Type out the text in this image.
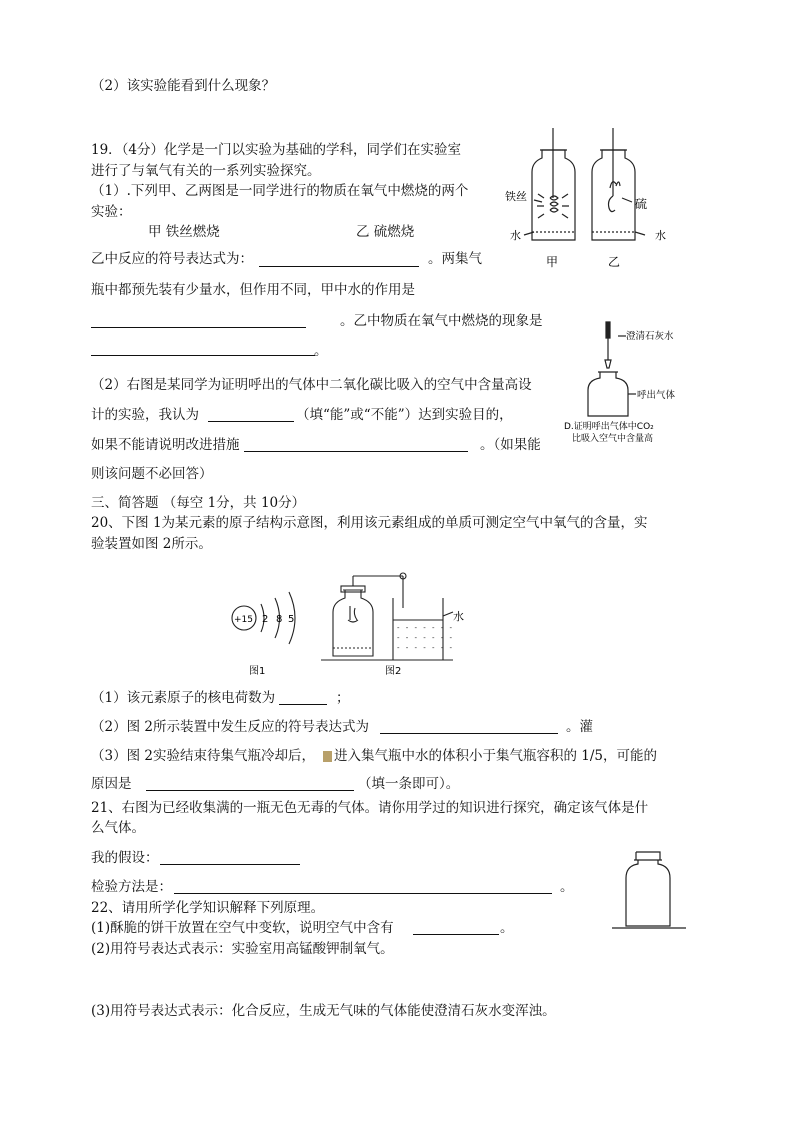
（2）该实验能看到什么现象？
19．（4分）化学是一门以实验为基础的学科，同学们在实验室
进行了与氧气有关的一系列实验探究。
（1）.下列甲、乙两图是一同学进行的物质在氧气中燃烧的两个
实验：
甲 铁丝燃烧	乙 硫燃烧
乙中反应的符号表达式为：	。两集气
瓶中都预先装有少量水，但作用不同，甲中水的作用是
。乙中物质在氧气中燃烧的现象是
。
（2）右图是某同学为证明呼出的气体中二氧化碳比吸入的空气中含量高设
计的实验，我认为	（填“能”或“不能”）达到实验目的，
如果不能请说明改进措施	。（如果能
则该问题不必回答）
铁丝
硫
水	水
甲	乙
澄清石灰水
呼出气体
D.证明呼出气体中CO₂
比吸入空气中含量高
三、简答题 （每空 1分，共 10分）
20、下图 1为某元素的原子结构示意图，利用该元素组成的单质可测定空气中氧气的含量，实
验装置如图 2所示。
- - - - - - -
- - - - - - -
- - - - - - -
+15 2 8 5	水
图1	图2
（1）该元素原子的核电荷数为	；
（2）图 2所示装置中发生反应的符号表达式为	。灌
（3）图 2实验结束待集气瓶冷却后， 进入集气瓶中水的体积小于集气瓶容积的 1/5，可能的
原因是	（填一条即可）。
21、右图为已经收集满的一瓶无色无毒的气体。请你用学过的知识进行探究，确定该气体是什
么气体。
我的假设：
检验方法是：	。
22、请用所学化学知识解释下列原理。
(1)酥脆的饼干放置在空气中变软，说明空气中含有	。
(2)用符号表达式表示：实验室用高锰酸钾制氧气。
(3)用符号表达式表示：化合反应，生成无气味的气体能使澄清石灰水变浑浊。
